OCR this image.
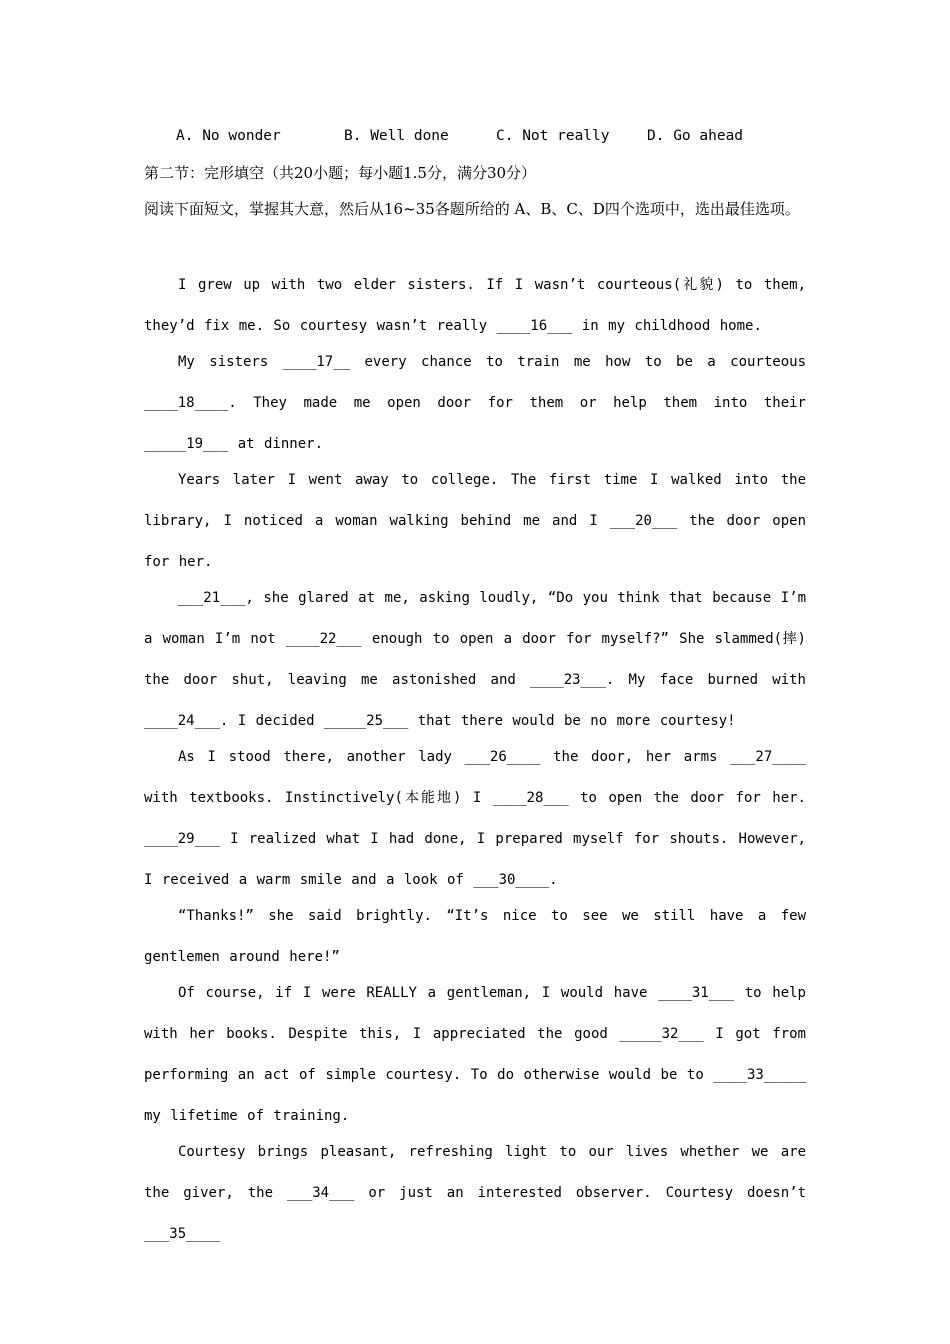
A. No wonder	B. Well done	C. Not really	D. Go ahead

第二节：完形填空（共20小题；每小题1.5分，满分30分）

阅读下面短文，掌握其大意，然后从16~35各题所给的 A、B、C、D四个选项中，选出最佳选项。

I grew up with two elder sisters. If I wasn’t courteous(礼貌) to them, they’d fix me. So courtesy wasn’t really ____16___ in my childhood home.

My sisters ____17__ every chance to train me how to be a courteous ____18____. They made me open door for them or help them into their _____19___ at dinner.

Years later I went away to college. The first time I walked into the library, I noticed a woman walking behind me and I ___20___ the door open for her.

___21___, she glared at me, asking loudly, “Do you think that because I’m a woman I’m not ____22___ enough to open a door for myself?” She slammed(摔) the door shut, leaving me astonished and ____23___. My face burned with ____24___. I decided _____25___ that there would be no more courtesy!

As I stood there, another lady ___26____ the door, her arms ___27____ with textbooks. Instinctively(本能地) I ____28___ to open the door for her. ____29___ I realized what I had done, I prepared myself for shouts. However, I received a warm smile and a look of ___30____.

“Thanks!” she said brightly. “It’s nice to see we still have a few gentlemen around here!”

Of course, if I were REALLY a gentleman, I would have ____31___ to help with her books. Despite this, I appreciated the good _____32___ I got from performing an act of simple courtesy. To do otherwise would be to ____33_____ my lifetime of training.

Courtesy brings pleasant, refreshing light to our lives whether we are the giver, the ___34___ or just an interested observer. Courtesy doesn’t ___35____
